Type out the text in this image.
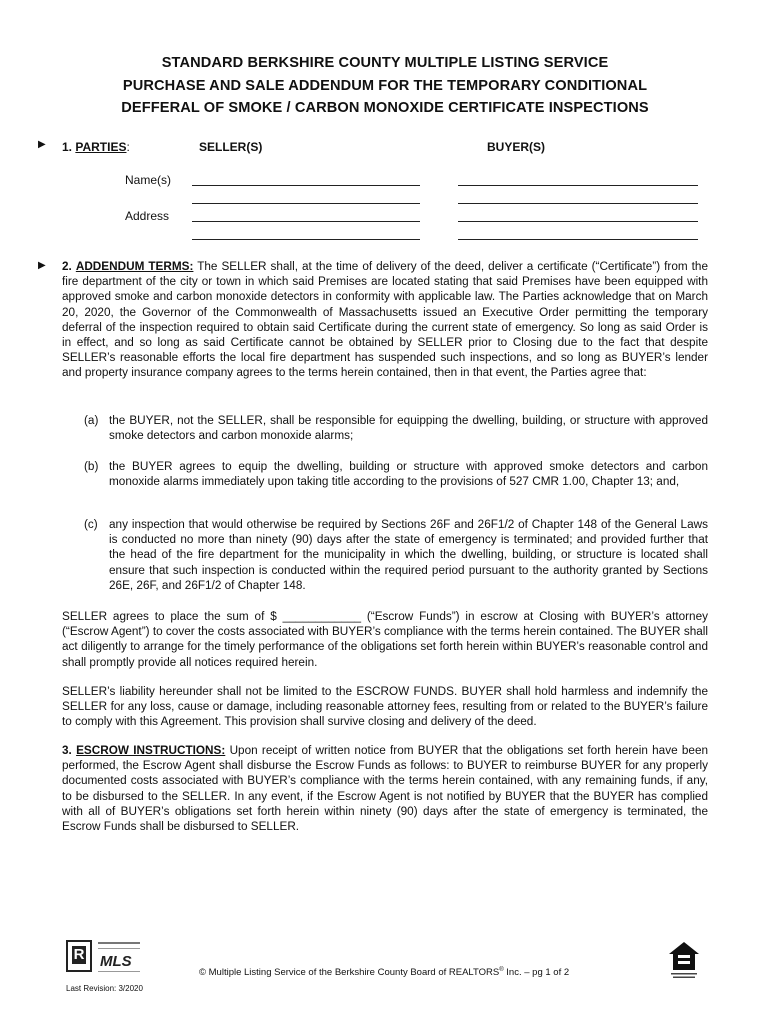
STANDARD BERKSHIRE COUNTY MULTIPLE LISTING SERVICE
PURCHASE AND SALE ADDENDUM FOR THE TEMPORARY CONDITIONAL
DEFFERAL OF SMOKE / CARBON MONOXIDE CERTIFICATE INSPECTIONS
▶ 1. PARTIES:	SELLER(S)	BUYER(S)
Name(s)
Address
▶ 2. ADDENDUM TERMS: The SELLER shall, at the time of delivery of the deed, deliver a certificate (“Certificate”) from the fire department of the city or town in which said Premises are located stating that said Premises have been equipped with approved smoke and carbon monoxide detectors in conformity with applicable law. The Parties acknowledge that on March 20, 2020, the Governor of the Commonwealth of Massachusetts issued an Executive Order permitting the temporary deferral of the inspection required to obtain said Certificate during the current state of emergency. So long as said Order is in effect, and so long as said Certificate cannot be obtained by SELLER prior to Closing due to the fact that despite SELLER’s reasonable efforts the local fire department has suspended such inspections, and so long as BUYER’s lender and property insurance company agrees to the terms herein contained, then in that event, the Parties agree that:
(a) the BUYER, not the SELLER, shall be responsible for equipping the dwelling, building, or structure with approved smoke detectors and carbon monoxide alarms;
(b) the BUYER agrees to equip the dwelling, building or structure with approved smoke detectors and carbon monoxide alarms immediately upon taking title according to the provisions of 527 CMR 1.00, Chapter 13; and,
(c) any inspection that would otherwise be required by Sections 26F and 26F1/2 of Chapter 148 of the General Laws is conducted no more than ninety (90) days after the state of emergency is terminated; and provided further that the head of the fire department for the municipality in which the dwelling, building, or structure is located shall ensure that such inspection is conducted within the required period pursuant to the authority granted by Sections 26E, 26F, and 26F1/2 of Chapter 148.
SELLER agrees to place the sum of $ ____________ (“Escrow Funds”) in escrow at Closing with BUYER’s attorney (“Escrow Agent”) to cover the costs associated with BUYER’s compliance with the terms herein contained. The BUYER shall act diligently to arrange for the timely performance of the obligations set forth herein within BUYER’s reasonable control and shall promptly provide all notices required herein.
SELLER’s liability hereunder shall not be limited to the ESCROW FUNDS. BUYER shall hold harmless and indemnify the SELLER for any loss, cause or damage, including reasonable attorney fees, resulting from or related to the BUYER’s failure to comply with this Agreement. This provision shall survive closing and delivery of the deed.
3. ESCROW INSTRUCTIONS: Upon receipt of written notice from BUYER that the obligations set forth herein have been performed, the Escrow Agent shall disburse the Escrow Funds as follows: to BUYER to reimburse BUYER for any properly documented costs associated with BUYER’s compliance with the terms herein contained, with any remaining funds, if any, to be disbursed to the SELLER. In any event, if the Escrow Agent is not notified by BUYER that the BUYER has complied with all of BUYER’s obligations set forth herein within ninety (90) days after the state of emergency is terminated, the Escrow Funds shall be disbursed to SELLER.
R MLS
© Multiple Listing Service of the Berkshire County Board of REALTORS® Inc. – pg 1 of 2
Last Revision: 3/2020
